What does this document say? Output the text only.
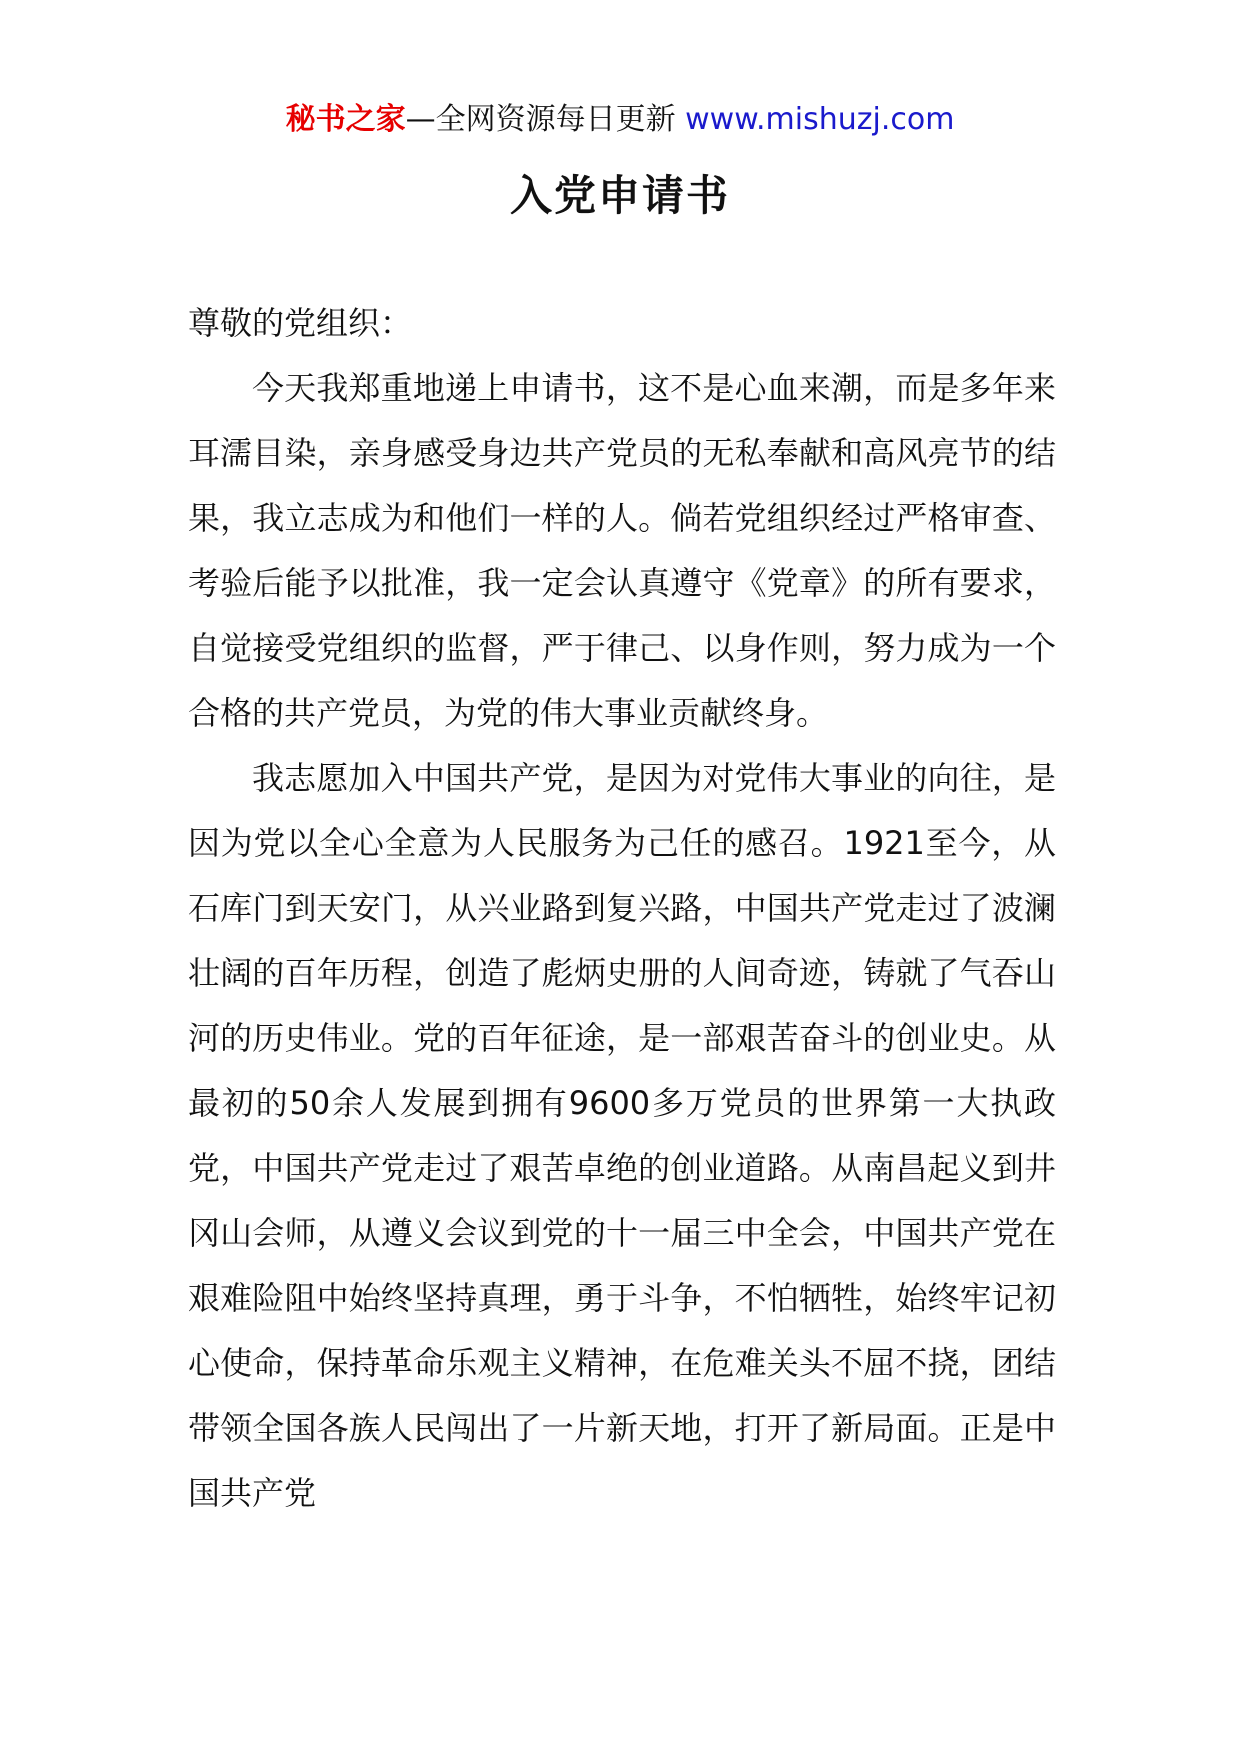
秘书之家—全网资源每日更新 www.mishuzj.com
入党申请书

尊敬的党组织：

今天我郑重地递上申请书，这不是心血来潮，而是多年来耳濡目染，亲身感受身边共产党员的无私奉献和高风亮节的结果，我立志成为和他们一样的人。倘若党组织经过严格审查、考验后能予以批准，我一定会认真遵守《党章》的所有要求，自觉接受党组织的监督，严于律己、以身作则，努力成为一个合格的共产党员，为党的伟大事业贡献终身。

我志愿加入中国共产党，是因为对党伟大事业的向往，是因为党以全心全意为人民服务为己任的感召。1921至今，从石库门到天安门，从兴业路到复兴路，中国共产党走过了波澜壮阔的百年历程，创造了彪炳史册的人间奇迹，铸就了气吞山河的历史伟业。党的百年征途，是一部艰苦奋斗的创业史。从最初的50余人发展到拥有9600多万党员的世界第一大执政党，中国共产党走过了艰苦卓绝的创业道路。从南昌起义到井冈山会师，从遵义会议到党的十一届三中全会，中国共产党在艰难险阻中始终坚持真理，勇于斗争，不怕牺牲，始终牢记初心使命，保持革命乐观主义精神，在危难关头不屈不挠，团结带领全国各族人民闯出了一片新天地，打开了新局面。正是中国共产党
